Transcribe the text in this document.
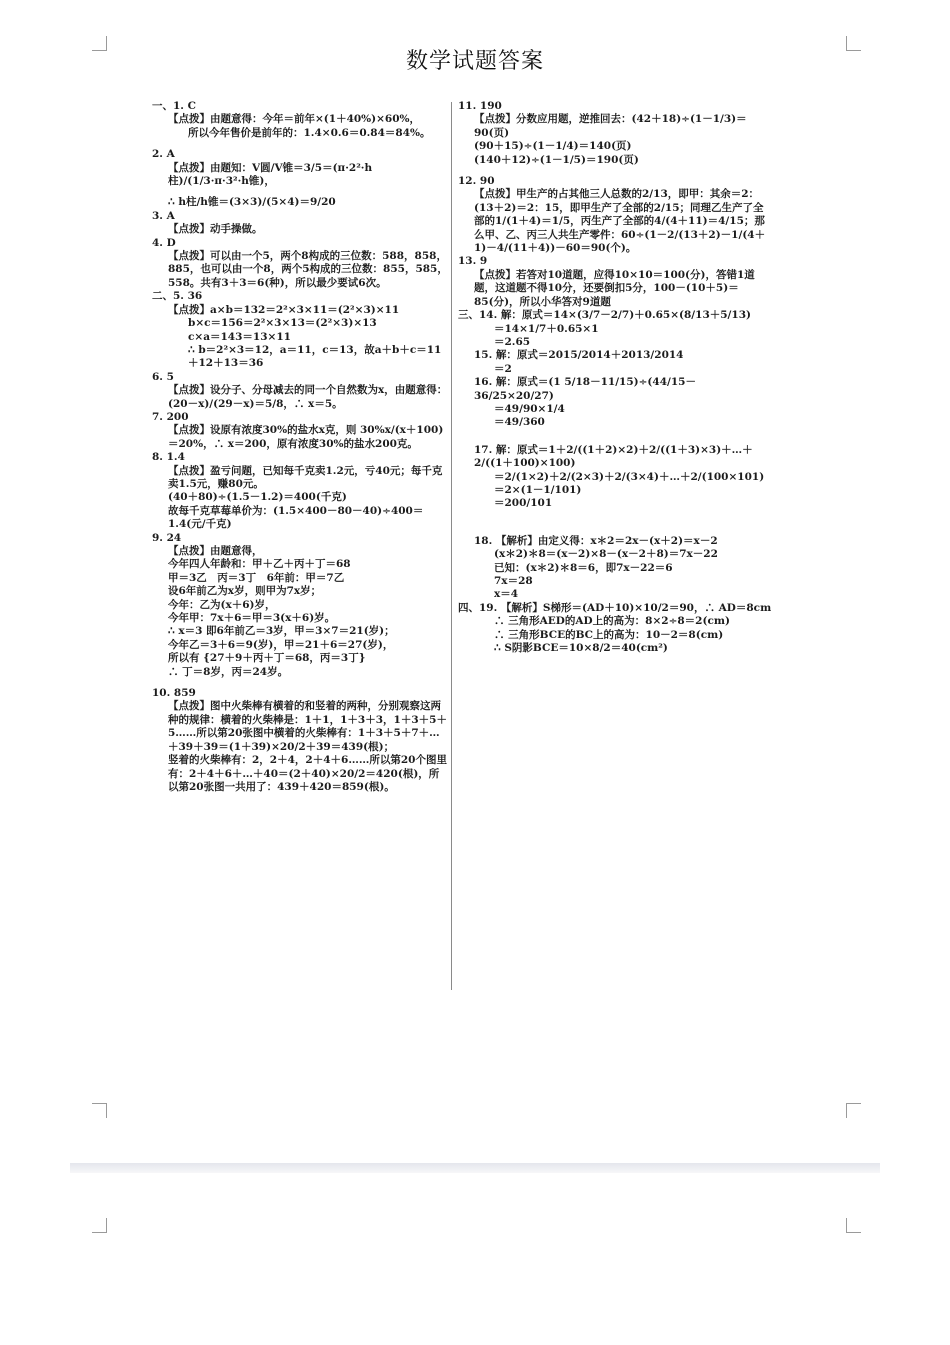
数学试题答案
一、1. C
【点拨】由题意得：今年＝前年×(1＋40%)×60%，
所以今年售价是前年的：1.4×0.6＝0.84＝84%。
2. A
【点拨】由题知：V圆/V锥＝3/5＝(π·2²·h柱)/(1/3·π·3²·h锥)，
∴ h柱/h锥＝(3×3)/(5×4)＝9/20
3. A
【点拨】动手操做。
4. D
【点拨】可以由一个5，两个8构成的三位数：588，858，885，也可以由一个8，两个5构成的三位数：855，585，558。共有3＋3＝6(种)，所以最少要试6次。
二、5. 36
【点拨】a×b＝132＝2²×3×11＝(2²×3)×11
b×c＝156＝2²×3×13＝(2²×3)×13
c×a＝143＝13×11
∴ b＝2²×3＝12，a＝11，c＝13，故a＋b＋c＝11＋12＋13＝36
6. 5
【点拨】设分子、分母减去的同一个自然数为x，由题意得：(20－x)/(29－x)＝5/8，∴ x＝5。
7. 200
【点拨】设原有浓度30%的盐水x克，则 30%x/(x＋100)＝20%，∴ x＝200，原有浓度30%的盐水200克。
8. 1.4
【点拨】盈亏问题，已知每千克卖1.2元，亏40元；每千克卖1.5元，赚80元。
(40＋80)÷(1.5－1.2)＝400(千克)
故每千克草莓单价为：(1.5×400－80－40)÷400＝1.4(元/千克)
9. 24
【点拨】由题意得，
今年四人年龄和：甲＋乙＋丙＋丁＝68
甲＝3乙　丙＝3丁　6年前：甲＝7乙
设6年前乙为x岁，则甲为7x岁；
今年：乙为(x＋6)岁，
今年甲：7x＋6＝甲＝3(x＋6)岁。
∴ x＝3 即6年前乙＝3岁，甲＝3×7＝21(岁)；
今年乙＝3＋6＝9(岁)，甲＝21＋6＝27(岁)，
所以有 {27＋9＋丙＋丁＝68，丙＝3丁}
∴ 丁＝8岁，丙＝24岁。
10. 859
【点拨】图中火柴棒有横着的和竖着的两种，分别观察这两种的规律：横着的火柴棒是：1＋1，1＋3＋3，1＋3＋5＋5……所以第20张图中横着的火柴棒有：1＋3＋5＋7＋…＋39＋39＝(1＋39)×20/2＋39＝439(根)；
竖着的火柴棒有：2，2＋4，2＋4＋6……所以第20个图里有：2＋4＋6＋…＋40＝(2＋40)×20/2＝420(根)，所以第20张图一共用了：439＋420＝859(根)。
11. 190
【点拨】分数应用题，逆推回去：(42＋18)÷(1－1/3)＝90(页)
(90＋15)÷(1－1/4)＝140(页)
(140＋12)÷(1－1/5)＝190(页)
12. 90
【点拨】甲生产的占其他三人总数的2/13，即甲：其余＝2：(13＋2)＝2：15，即甲生产了全部的2/15；同理乙生产了全部的1/(1＋4)＝1/5，丙生产了全部的4/(4＋11)＝4/15；那么甲、乙、丙三人共生产零件：60÷(1－2/(13＋2)－1/(4＋1)－4/(11＋4))－60＝90(个)。
13. 9
【点拨】若答对10道题，应得10×10＝100(分)，答错1道题，这道题不得10分，还要倒扣5分，100－(10＋5)＝85(分)，所以小华答对9道题
三、14. 解：原式＝14×(3/7－2/7)＋0.65×(8/13＋5/13)
＝14×1/7＋0.65×1
＝2.65
15. 解：原式＝2015/2014＋2013/2014
＝2
16. 解：原式＝(1 5/18－11/15)÷(44/15－36/25×20/27)
＝49/90×1/4
＝49/360
17. 解：原式＝1＋2/((1＋2)×2)＋2/((1＋3)×3)＋…＋2/((1＋100)×100)
＝2/(1×2)＋2/(2×3)＋2/(3×4)＋…＋2/(100×101)
＝2×(1－1/101)
＝200/101
18. 【解析】由定义得：x＊2＝2x－(x＋2)＝x－2
(x＊2)＊8＝(x－2)×8－(x－2＋8)＝7x－22
已知：(x＊2)＊8＝6，即7x－22＝6
7x＝28
x＝4
四、19. 【解析】S梯形＝(AD＋10)×10/2＝90，∴ AD＝8cm
∴ 三角形AED的AD上的高为：8×2÷8＝2(cm)
∴ 三角形BCE的BC上的高为：10－2＝8(cm)
∴ S阴影BCE＝10×8/2＝40(cm²)
